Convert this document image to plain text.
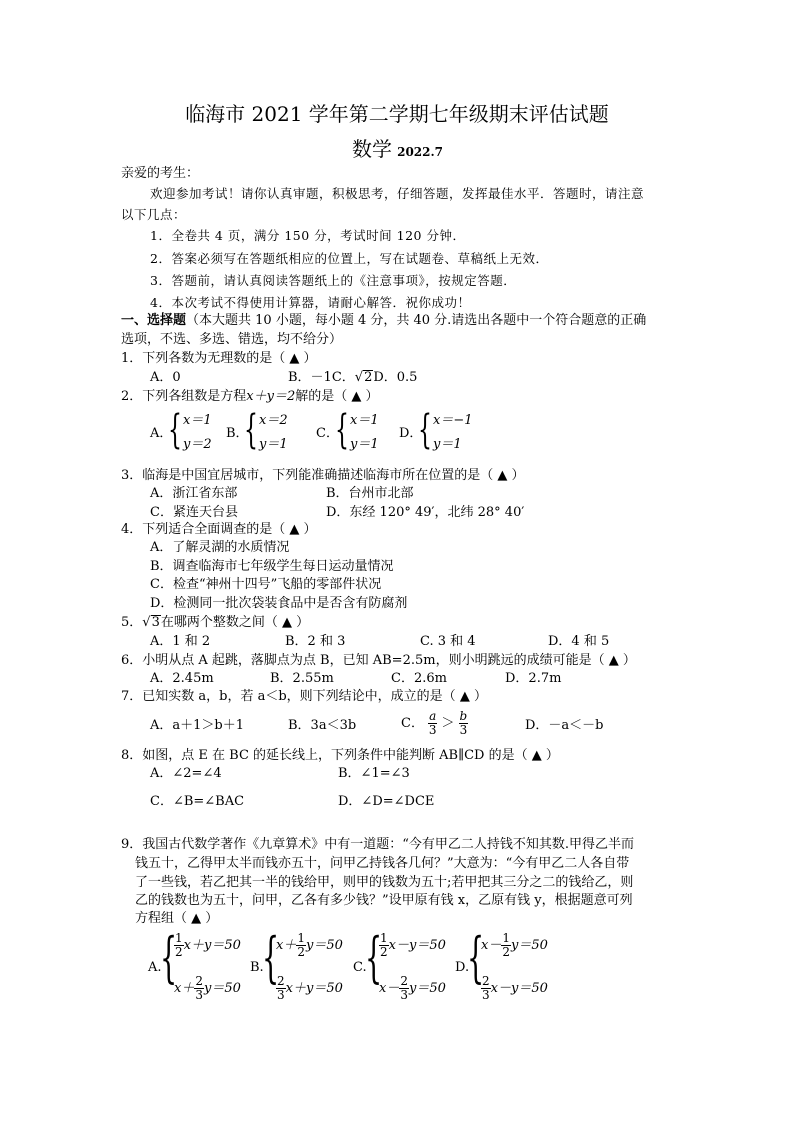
临海市 2021 学年第二学期七年级期末评估试题
数学 2022.7
亲爱的考生：
欢迎参加考试！请你认真审题，积极思考，仔细答题，发挥最佳水平．答题时，请注意
以下几点：
1．全卷共 4 页，满分 150 分，考试时间 120 分钟．
2．答案必须写在答题纸相应的位置上，写在试题卷、草稿纸上无效．
3．答题前，请认真阅读答题纸上的《注意事项》，按规定答题．
4．本次考试不得使用计算器，请耐心解答．祝你成功！
一、选择题（本大题共 10 小题，每小题 4 分，共 40 分.请选出各题中一个符合题意的正确
选项，不选、多选、错选，均不给分）
1．下列各数为无理数的是（ ▲ ）
A．0	B．－1C．√2D．0.5
2．下列各组数是方程x＋y＝2解的是（ ▲ ）
A．
{ x＝1
y＝2
B．
{ x＝2
y＝1
C．
{ x＝1
y＝1
D．
{ x＝−1
y＝1
3．临海是中国宜居城市，下列能准确描述临海市所在位置的是（ ▲ ）
A．浙江省东部	B．台州市北部
C．紧连天台县	D．东经 120° 49′，北纬 28° 40′
4．下列适合全面调查的是（ ▲ ）
A．了解灵湖的水质情况
B．调查临海市七年级学生每日运动量情况
C．检查“神州十四号”飞船的零部件状况
D．检测同一批次袋装食品中是否含有防腐剂
5．√3在哪两个整数之间（ ▲ ）
A．1 和 2	B．2 和 3	C. 3 和 4	D．4 和 5
6．小明从点 A 起跳，落脚点为点 B，已知 AB=2.5m，则小明跳远的成绩可能是（ ▲ ）
A．2.45m	B．2.55m	C．2.6m	D．2.7m
7．已知实数 a，b，若 a＜b，则下列结论中，成立的是（ ▲ ）
A．a＋1＞b＋1	B．3a＜3b	C． $\frac{a}{3} > \frac{b}{3}$	D．－a＜－b
8．如图，点 E 在 BC 的延长线上，下列条件中能判断 AB∥CD 的是（ ▲ ）
A．∠2=∠4	B．∠1=∠3
C．∠B=∠BAC	D．∠D=∠DCE
9．我国古代数学著作《九章算术》中有一道题：“今有甲乙二人持钱不知其数.甲得乙半而
钱五十，乙得甲太半而钱亦五十，问甲乙持钱各几何？”大意为：“今有甲乙二人各自带
了一些钱，若乙把其一半的钱给甲，则甲的钱数为五十;若甲把其三分之二的钱给乙，则
乙的钱数也为五十，问甲，乙各有多少钱？”设甲原有钱 x，乙原有钱 y，根据题意可列
方程组（ ▲ ）
A.
{
$\frac{1}{2} x+y=50$
$x+ \frac{2}{3} y=50$
B.
{
$x+ \frac{1}{2} y=50$
$\frac{2}{3} x+y=50$
C.
{
$\frac{1}{2} x-y=50$
$x- \frac{2}{3} y=50$
D.
{
$x- \frac{1}{2} y=50$
$\frac{2}{3} x-y=50$
